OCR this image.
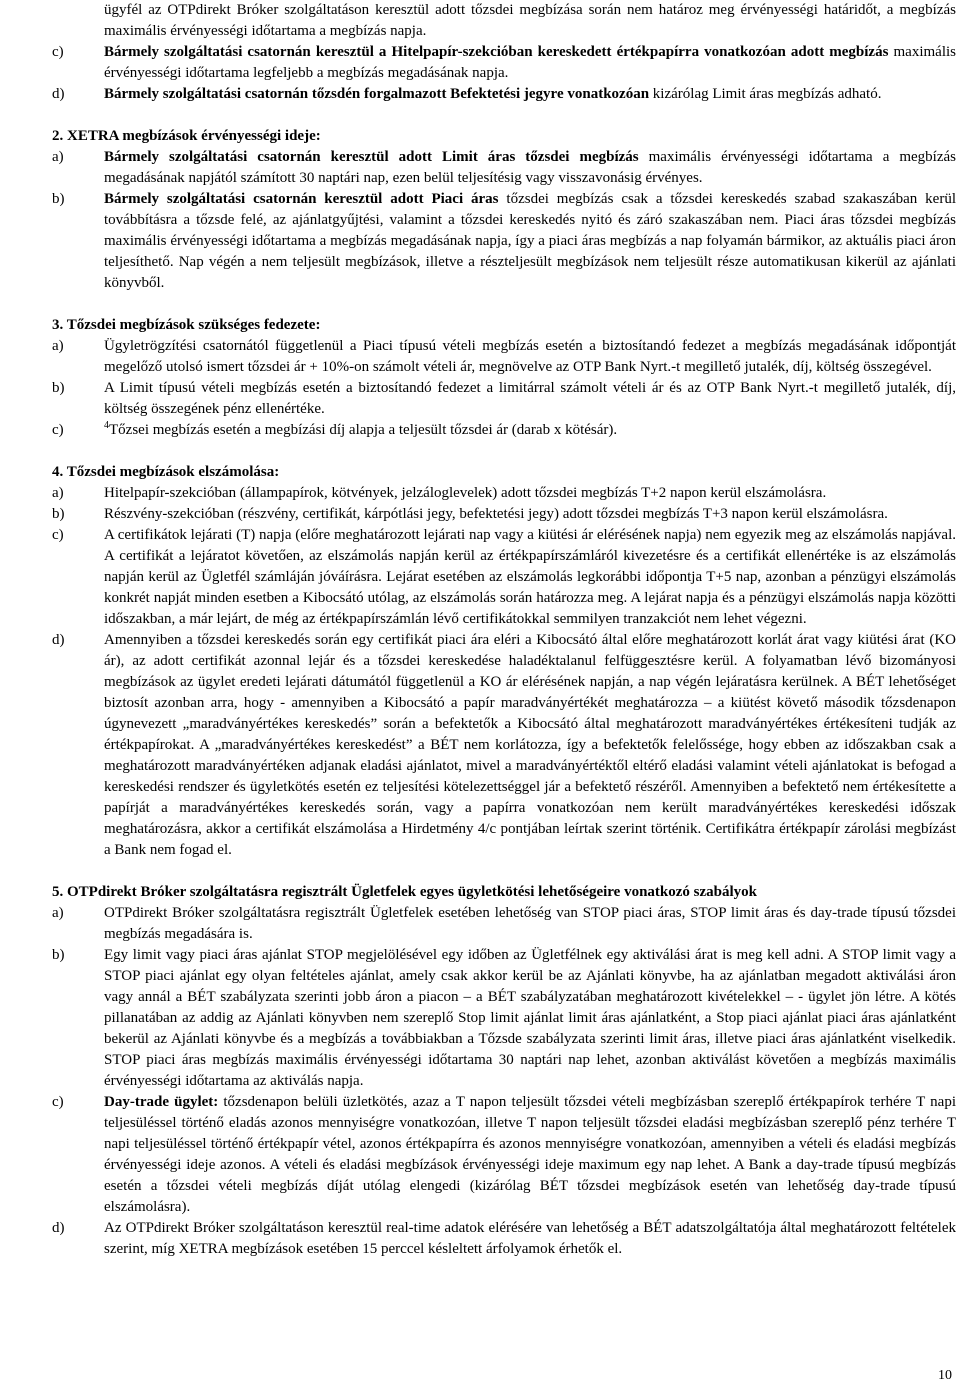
ügyfél az OTPdirekt Bróker szolgáltatáson keresztül adott tőzsdei megbízása során nem határoz meg érvényességi határidőt, a megbízás maximális érvényességi időtartama a megbízás napja.

c)	Bármely szolgáltatási csatornán keresztül a Hitelpapír-szekcióban kereskedett értékpapírra vonatkozóan adott megbízás maximális érvényességi időtartama legfeljebb a megbízás megadásának napja.
d)	Bármely szolgáltatási csatornán tőzsdén forgalmazott Befektetési jegyre vonatkozóan kizárólag Limit áras megbízás adható.

2. XETRA megbízások érvényességi ideje:

a)	Bármely szolgáltatási csatornán keresztül adott Limit áras tőzsdei megbízás maximális érvényességi időtartama a megbízás megadásának napjától számított 30 naptári nap, ezen belül teljesítésig vagy visszavonásig érvényes.
b)	Bármely szolgáltatási csatornán keresztül adott Piaci áras tőzsdei megbízás csak a tőzsdei kereskedés szabad szakaszában kerül továbbításra a tőzsde felé, az ajánlatgyűjtési, valamint a tőzsdei kereskedés nyitó és záró szakaszában nem. Piaci áras tőzsdei megbízás maximális érvényességi időtartama a megbízás megadásának napja, így a piaci áras megbízás a nap folyamán bármikor, az aktuális piaci áron teljesíthető. Nap végén a nem teljesült megbízások, illetve a részteljesült megbízások nem teljesült része automatikusan kikerül az ajánlati könyvből.

3. Tőzsdei megbízások szükséges fedezete:

a)	Ügyletrögzítési csatornától függetlenül a Piaci típusú vételi megbízás esetén a biztosítandó fedezet a megbízás megadásának időpontját megelőző utolsó ismert tőzsdei ár + 10%-on számolt vételi ár, megnövelve az OTP Bank Nyrt.-t megillető jutalék, díj, költség összegével.
b)	A Limit típusú vételi megbízás esetén a biztosítandó fedezet a limitárral számolt vételi ár és az OTP Bank Nyrt.-t megillető jutalék, díj, költség összegének pénz ellenértéke.
c)	$^4$Tőzsei megbízás esetén a megbízási díj alapja a teljesült tőzsdei ár (darab x kötésár).

4. Tőzsdei megbízások elszámolása:

a)	Hitelpapír-szekcióban (állampapírok, kötvények, jelzáloglevelek) adott tőzsdei megbízás T+2 napon kerül elszámolásra.
b)	Részvény-szekcióban (részvény, certifikát, kárpótlási jegy, befektetési jegy) adott tőzsdei megbízás T+3 napon kerül elszámolásra.
c)	A certifikátok lejárati (T) napja (előre meghatározott lejárati nap vagy a kiütési ár elérésének napja) nem egyezik meg az elszámolás napjával. A certifikát a lejáratot követően, az elszámolás napján kerül az értékpapírszámláról kivezetésre és a certifikát ellenértéke is az elszámolás napján kerül az Ügletfél számláján jóváírásra. Lejárat esetében az elszámolás legkorábbi időpontja T+5 nap, azonban a pénzügyi elszámolás konkrét napját minden esetben a Kibocsátó utólag, az elszámolás során határozza meg. A lejárat napja és a pénzügyi elszámolás napja közötti időszakban, a már lejárt, de még az értékpapírszámlán lévő certifikátokkal semmilyen tranzakciót nem lehet végezni.
d)	Amennyiben a tőzsdei kereskedés során egy certifikát piaci ára eléri a Kibocsátó által előre meghatározott korlát árat vagy kiütési árat (KO ár), az adott certifikát azonnal lejár és a tőzsdei kereskedése haladéktalanul felfüggesztésre kerül. A folyamatban lévő bizományosi megbízások az ügylet eredeti lejárati dátumától függetlenül a KO ár elérésének napján, a nap végén lejáratásra kerülnek. A BÉT lehetőséget biztosít azonban arra, hogy - amennyiben a Kibocsátó a papír maradványértékét meghatározza – a kiütést követő második tőzsdenapon úgynevezett „maradványértékes kereskedés” során a befektetők a Kibocsátó által meghatározott maradványértékes értékesíteni tudják az értékpapírokat. A „maradványértékes kereskedést” a BÉT nem korlátozza, így a befektetők felelőssége, hogy ebben az időszakban csak a meghatározott maradványértéken adjanak eladási ajánlatot, mivel a maradványértéktől eltérő eladási valamint vételi ajánlatokat is befogad a kereskedési rendszer és ügyletkötés esetén ez teljesítési kötelezettséggel jár a befektető részéről. Amennyiben a befektető nem értékesítette a papírját a maradványértékes kereskedés során, vagy a papírra vonatkozóan nem került maradványértékes kereskedési időszak meghatározásra, akkor a certifikát elszámolása a Hirdetmény 4/c pontjában leírtak szerint történik. Certifikátra értékpapír zárolási megbízást a Bank nem fogad el.

5. OTPdirekt Bróker szolgáltatásra regisztrált Ügletfelek egyes ügyletkötési lehetőségeire vonatkozó szabályok

a)	OTPdirekt Bróker szolgáltatásra regisztrált Ügletfelek esetében lehetőség van STOP piaci áras, STOP limit áras és day-trade típusú tőzsdei megbízás megadására is.
b)	Egy limit vagy piaci áras ajánlat STOP megjelölésével egy időben az Ügletfélnek egy aktiválási árat is meg kell adni. A STOP limit vagy a STOP piaci ajánlat egy olyan feltételes ajánlat, amely csak akkor kerül be az Ajánlati könyvbe, ha az ajánlatban megadott aktiválási áron vagy annál a BÉT szabályzata szerinti jobb áron a piacon – a BÉT szabályzatában meghatározott kivételekkel – - ügylet jön létre. A kötés pillanatában az addig az Ajánlati könyvben nem szereplő Stop limit ajánlat limit áras ajánlatként, a Stop piaci ajánlat piaci áras ajánlatként bekerül az Ajánlati könyvbe és a megbízás a továbbiakban a Tőzsde szabályzata szerinti limit áras, illetve piaci áras ajánlatként viselkedik. STOP piaci áras megbízás maximális érvényességi időtartama 30 naptári nap lehet, azonban aktiválást követően a megbízás maximális érvényességi időtartama az aktiválás napja.
c)	Day-trade ügylet: tőzsdenapon belüli üzletkötés, azaz a T napon teljesült tőzsdei vételi megbízásban szereplő értékpapírok terhére T napi teljesüléssel történő eladás azonos mennyiségre vonatkozóan, illetve T napon teljesült tőzsdei eladási megbízásban szereplő pénz terhére T napi teljesüléssel történő értékpapír vétel, azonos értékpapírra és azonos mennyiségre vonatkozóan, amennyiben a vételi és eladási megbízás érvényességi ideje azonos. A vételi és eladási megbízások érvényességi ideje maximum egy nap lehet. A Bank a day-trade típusú megbízás esetén a tőzsdei vételi megbízás díját utólag elengedi (kizárólag BÉT tőzsdei megbízások esetén van lehetőség day-trade típusú elszámolásra).
d)	Az OTPdirekt Bróker szolgáltatáson keresztül real-time adatok elérésére van lehetőség a BÉT adatszolgáltatója által meghatározott feltételek szerint, míg XETRA megbízások esetében 15 perccel késleltett árfolyamok érhetők el.
10
